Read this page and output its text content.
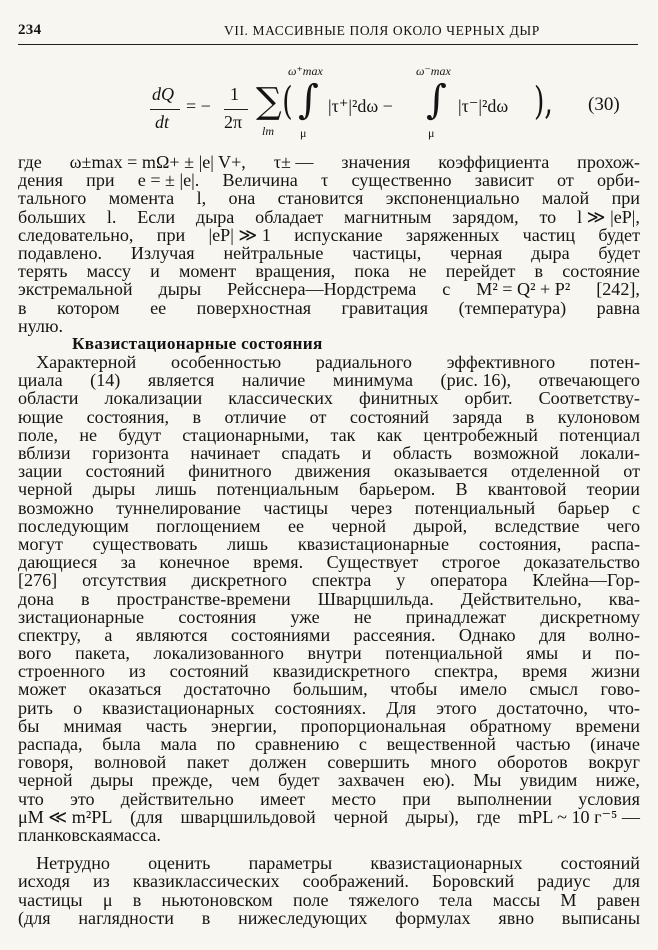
234	VII. МАССИВНЫЕ ПОЛЯ ОКОЛО ЧЕРНЫХ ДЫР
dQ
dt
= −
1
2π ∑
lm
(
ω⁺max
∫
μ
|τ⁺|²dω −
ω⁻max
∫
μ
|τ⁻|²dω ), (30)
где ω±max = mΩ+ ± |e| V+, τ± — значения коэффициента прохож-
дения при e = ± |e|. Величина τ существенно зависит от орби-
тального момента l, она становится экспоненциально малой при
больших l. Если дыра обладает магнитным зарядом, то l ≫ |eP|,
следовательно, при |eP| ≫ 1 испускание заряженных частиц будет
подавлено. Излучая нейтральные частицы, черная дыра будет
терять массу и момент вращения, пока не перейдет в состояние
экстремальной дыры Рейсснера—Нордстрема с M² = Q² + P² [242],
в котором ее поверхностная гравитация (температура) равна
нулю.
Квазистационарные состояния
Характерной особенностью радиального эффективного потен-
циала (14) является наличие минимума (рис. 16), отвечающего
области локализации классических финитных орбит. Соответству-
ющие состояния, в отличие от состояний заряда в кулоновом
поле, не будут стационарными, так как центробежный потенциал
вблизи горизонта начинает спадать и область возможной локали-
зации состояний финитного движения оказывается отделенной от
черной дыры лишь потенциальным барьером. В квантовой теории
возможно туннелирование частицы через потенциальный барьер с
последующим поглощением ее черной дырой, вследствие чего
могут существовать лишь квазистационарные состояния, распа-
дающиеся за конечное время. Существует строгое доказательство
[276] отсутствия дискретного спектра у оператора Клейна—Гор-
дона в пространстве-времени Шварцшильда. Действительно, ква-
зистационарные состояния уже не принадлежат дискретному
спектру, а являются состояниями рассеяния. Однако для волно-
вого пакета, локализованного внутри потенциальной ямы и по-
строенного из состояний квазидискретного спектра, время жизни
может оказаться достаточно большим, чтобы имело смысл гово-
рить о квазистационарных состояниях. Для этого достаточно, что-
бы мнимая часть энергии, пропорциональная обратному времени
распада, была мала по сравнению с вещественной частью (иначе
говоря, волновой пакет должен совершить много оборотов вокруг
черной дыры прежде, чем будет захвачен ею). Мы увидим ниже,
что это действительно имеет место при выполнении условия
μM ≪ m²PL (для шварцшильдовой черной дыры), где mPL ~ 10 г⁻⁵ —
планковская масса.
Нетрудно оценить параметры квазистационарных состояний
исходя из квазиклассических соображений. Боровский радиус для
частицы μ в ньютоновском поле тяжелого тела массы M равен
(для наглядности в нижеследующих формулах явно выписаны
